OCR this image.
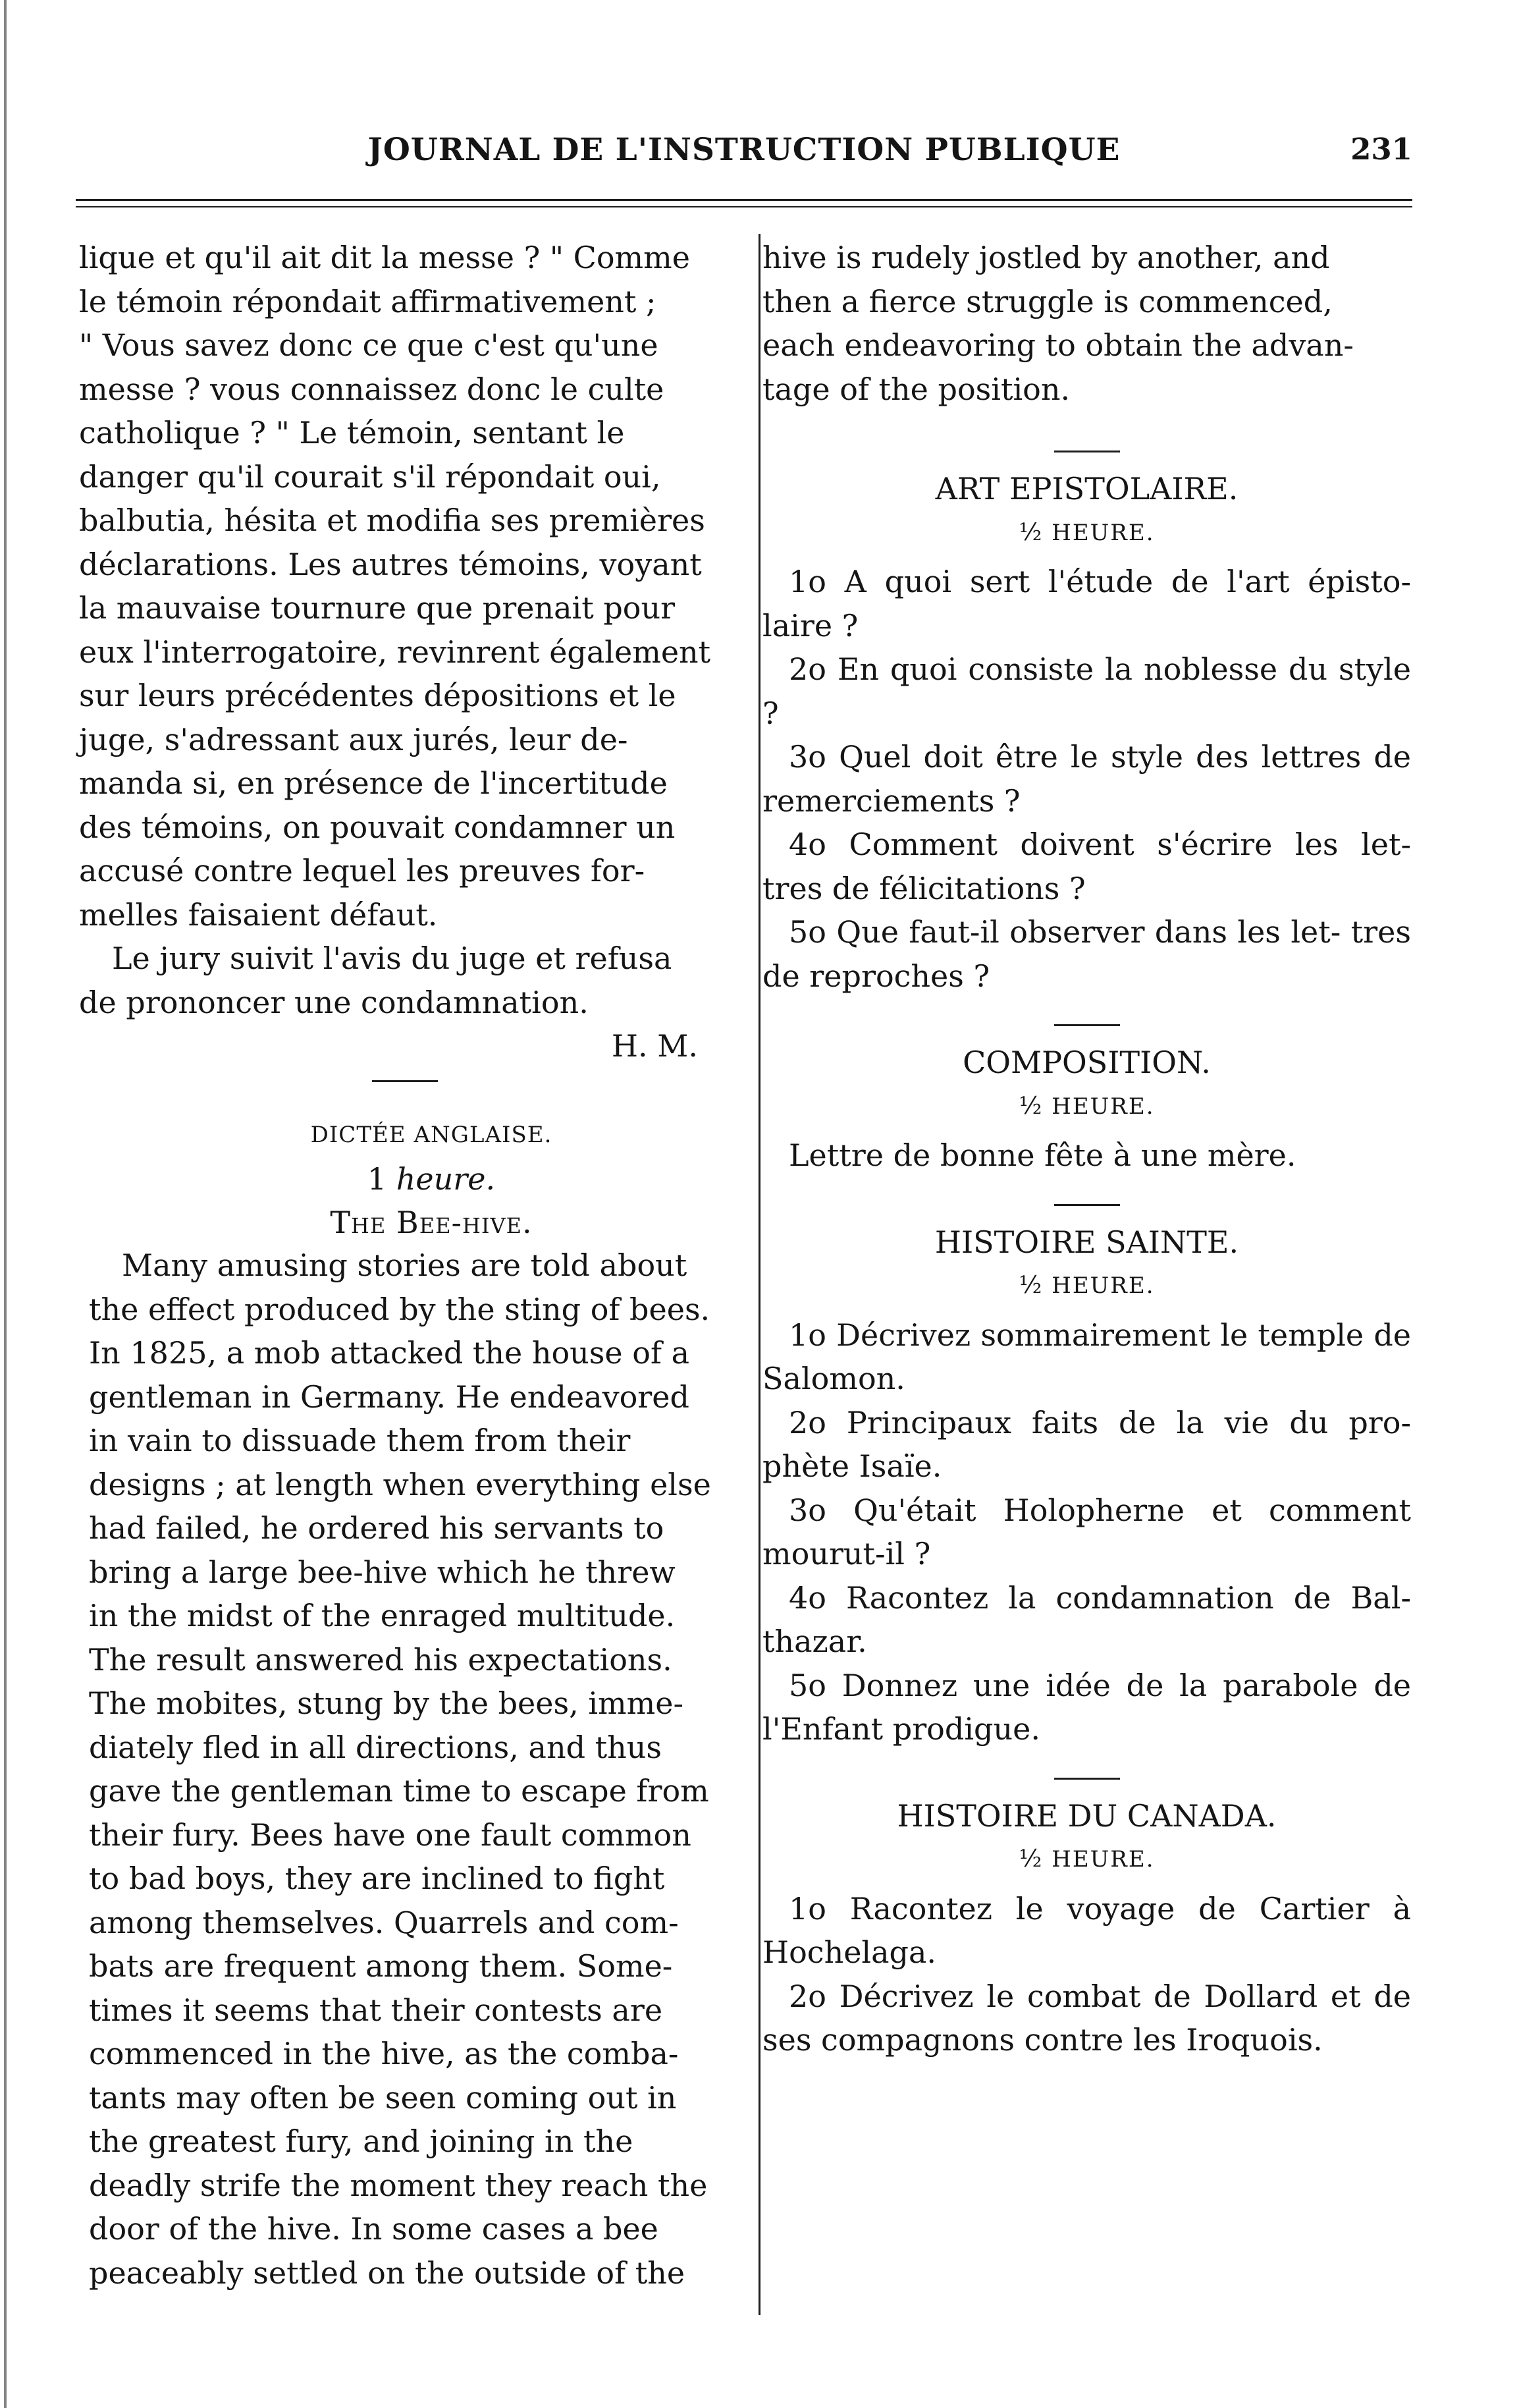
JOURNAL DE L'INSTRUCTION PUBLIQUE	231
lique et qu'il ait dit la messe ? " Comme
le témoin répondait affirmativement ;
" Vous savez donc ce que c'est qu'une
messe ? vous connaissez donc le culte
catholique ? " Le témoin, sentant le
danger qu'il courait s'il répondait oui,
balbutia, hésita et modifia ses premières
déclarations. Les autres témoins, voyant
la mauvaise tournure que prenait pour
eux l'interrogatoire, revinrent également
sur leurs précédentes dépositions et le
juge, s'adressant aux jurés, leur de-
manda si, en présence de l'incertitude
des témoins, on pouvait condamner un
accusé contre lequel les preuves for-
melles faisaient défaut.
Le jury suivit l'avis du juge et refusa
de prononcer une condamnation.
H. M.
DICTÉE ANGLAISE.
1 heure.
The Bee-hive.
Many amusing stories are told about
the effect produced by the sting of bees.
In 1825, a mob attacked the house of a
gentleman in Germany. He endeavored
in vain to dissuade them from their
designs ; at length when everything else
had failed, he ordered his servants to
bring a large bee-hive which he threw
in the midst of the enraged multitude.
The result answered his expectations.
The mobites, stung by the bees, imme-
diately fled in all directions, and thus
gave the gentleman time to escape from
their fury. Bees have one fault common
to bad boys, they are inclined to fight
among themselves. Quarrels and com-
bats are frequent among them. Some-
times it seems that their contests are
commenced in the hive, as the comba-
tants may often be seen coming out in
the greatest fury, and joining in the
deadly strife the moment they reach the
door of the hive. In some cases a bee
peaceably settled on the outside of the
hive is rudely jostled by another, and
then a fierce struggle is commenced,
each endeavoring to obtain the advan-
tage of the position.
ART EPISTOLAIRE.
½ HEURE.

1o A quoi sert l'étude de l'art épisto- laire ?

2o En quoi consiste la noblesse du style ?

3o Quel doit être le style des lettres de remerciements ?

4o Comment doivent s'écrire les let- tres de félicitations ?

5o Que faut-il observer dans les let- tres de reproches ?

COMPOSITION.
½ HEURE.

Lettre de bonne fête à une mère.

HISTOIRE SAINTE.
½ HEURE.

1o Décrivez sommairement le temple de Salomon.

2o Principaux faits de la vie du pro- phète Isaïe.

3o Qu'était Holopherne et comment mourut-il ?

4o Racontez la condamnation de Bal- thazar.

5o Donnez une idée de la parabole de l'Enfant prodigue.

HISTOIRE DU CANADA.
½ HEURE.

1o Racontez le voyage de Cartier à Hochelaga.

2o Décrivez le combat de Dollard et de ses compagnons contre les Iroquois.
